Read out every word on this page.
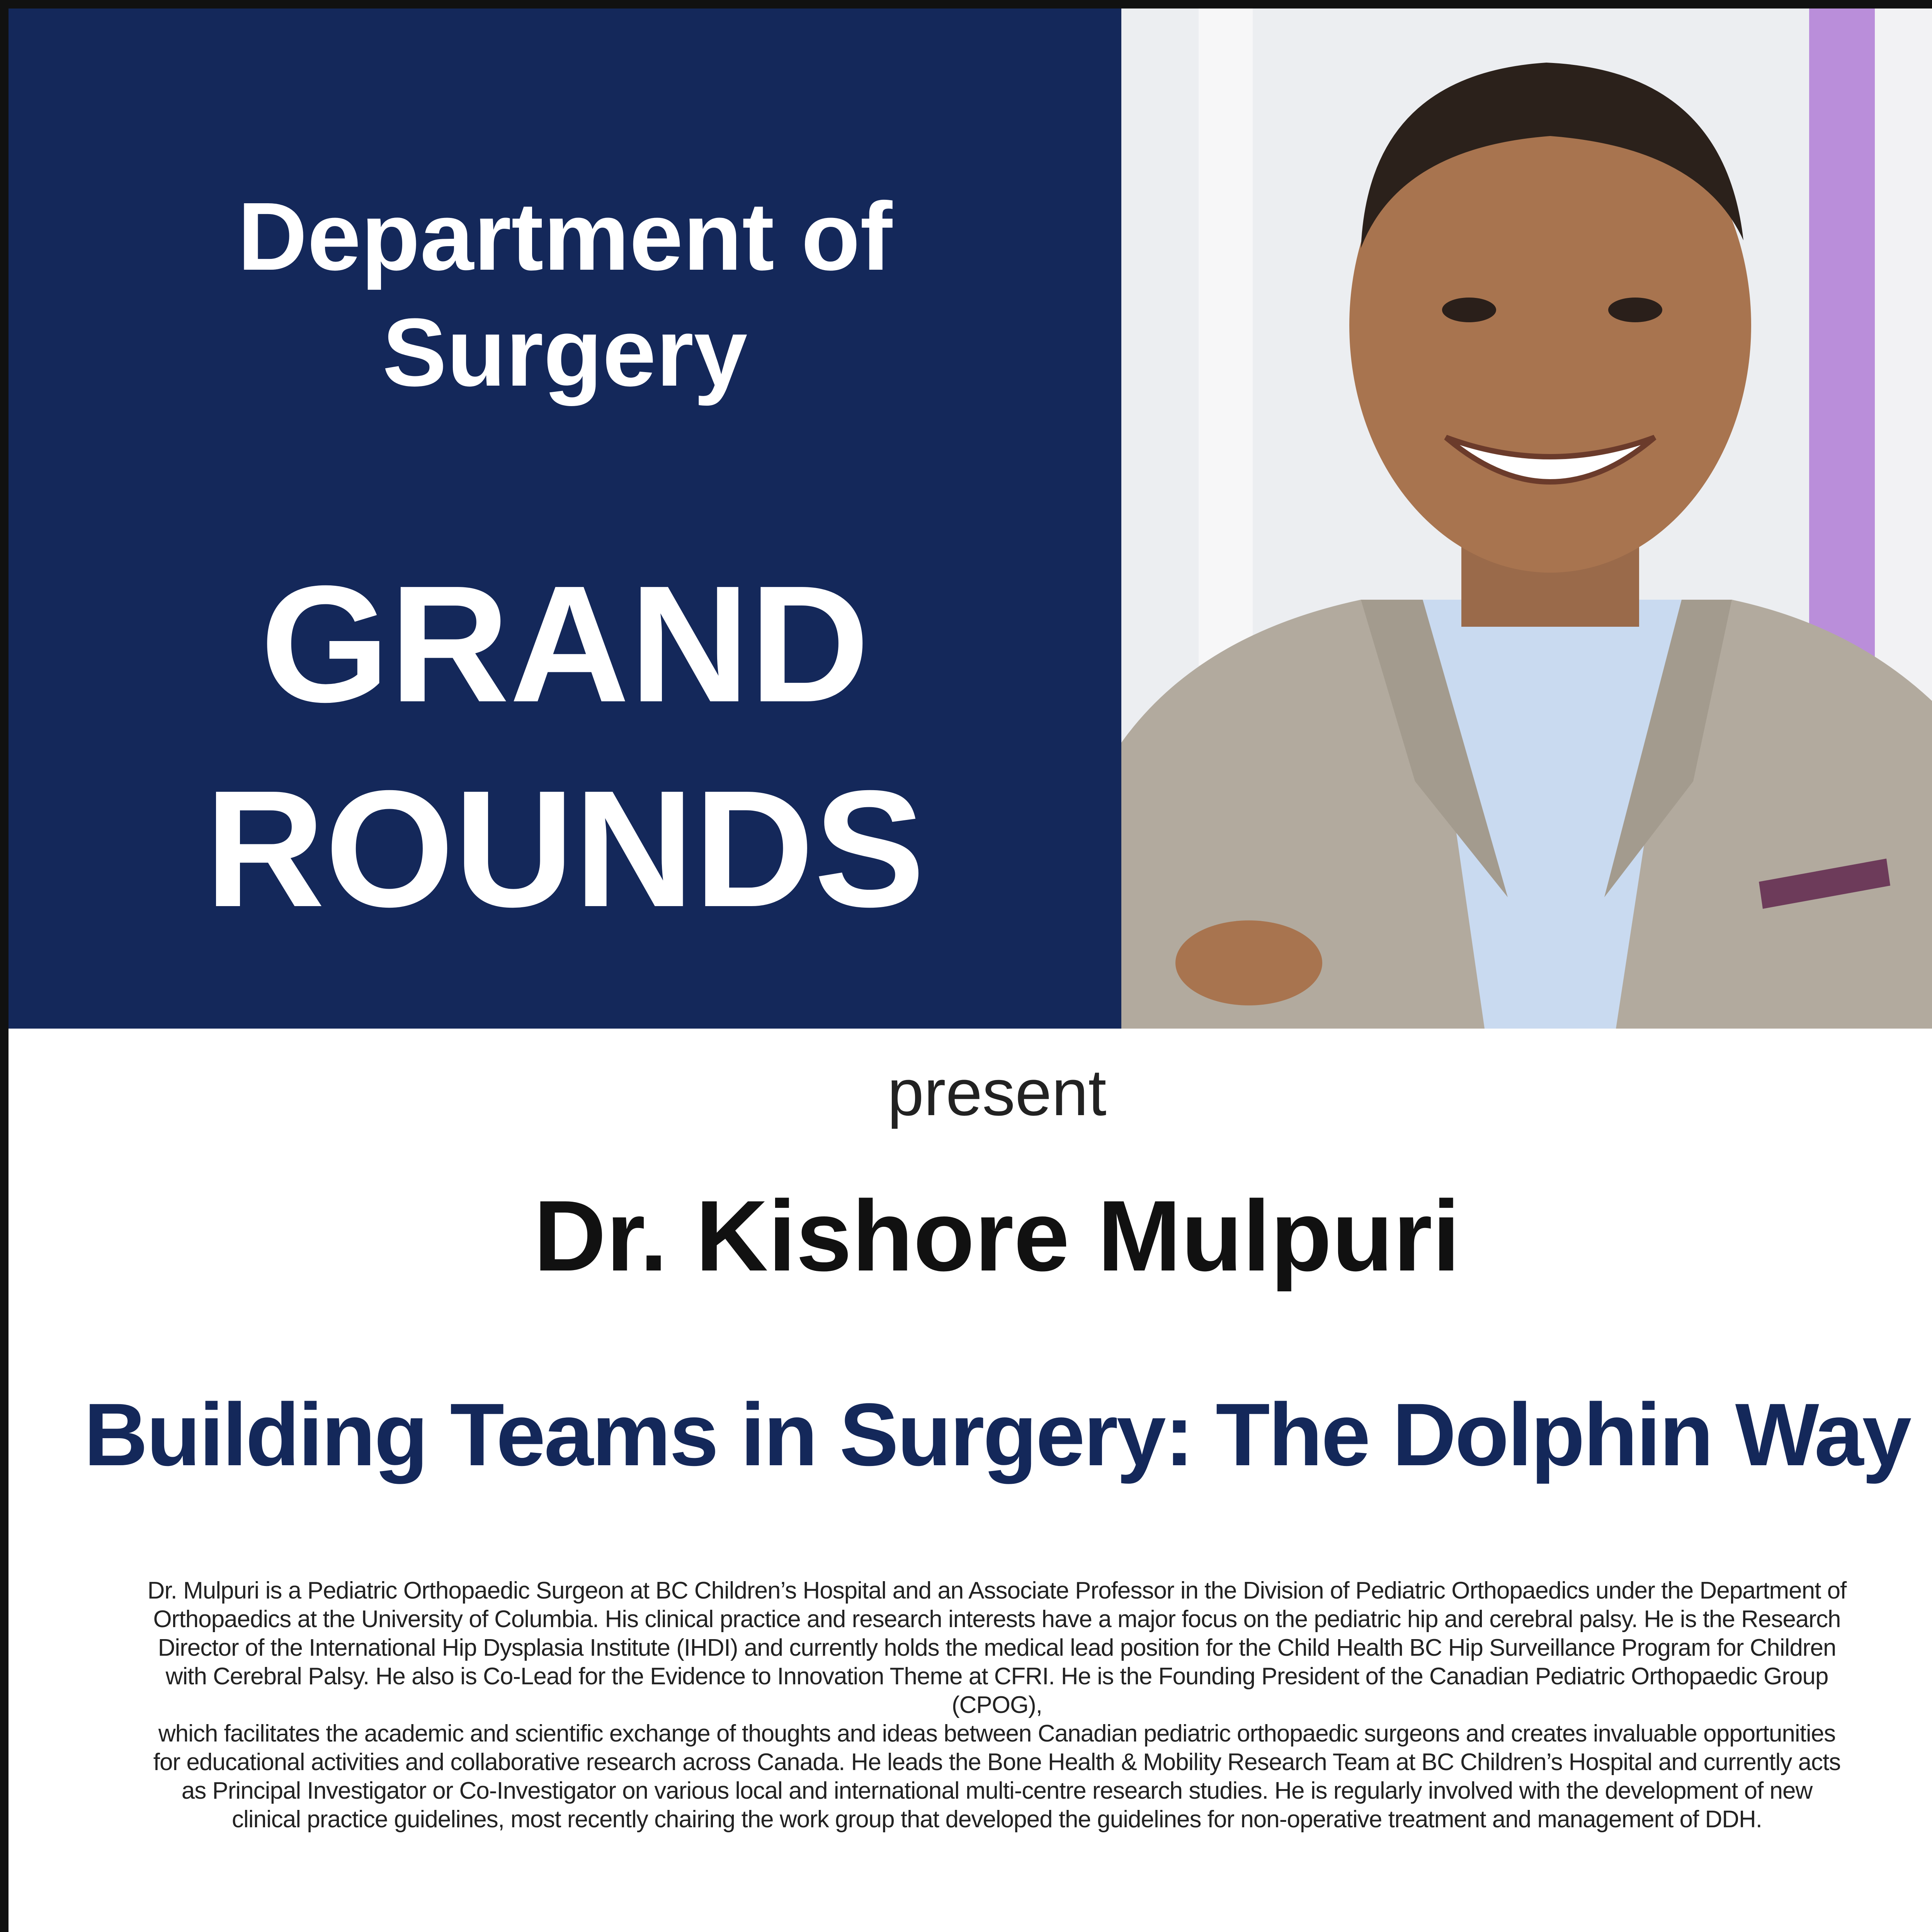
Department of
Surgery
GRAND
ROUNDS
present
Dr. Kishore Mulpuri
Building Teams in Surgery: The Dolphin Way
Dr. Mulpuri is a Pediatric Orthopaedic Surgeon at BC Children’s Hospital and an Associate Professor in the Division of Pediatric Orthopaedics under the Department of
Orthopaedics at the University of Columbia. His clinical practice and research interests have a major focus on the pediatric hip and cerebral palsy. He is the Research
Director of the International Hip Dysplasia Institute (IHDI) and currently holds the medical lead position for the Child Health BC Hip Surveillance Program for Children
with Cerebral Palsy. He also is Co-Lead for the Evidence to Innovation Theme at CFRI. He is the Founding President of the Canadian Pediatric Orthopaedic Group (CPOG),
which facilitates the academic and scientific exchange of thoughts and ideas between Canadian pediatric orthopaedic surgeons and creates invaluable opportunities
for educational activities and collaborative research across Canada. He leads the Bone Health & Mobility Research Team at BC Children’s Hospital and currently acts
as Principal Investigator or Co-Investigator on various local and international multi-centre research studies. He is regularly involved with the development of new
clinical practice guidelines, most recently chairing the work group that developed the guidelines for non-operative treatment and management of DDH.
